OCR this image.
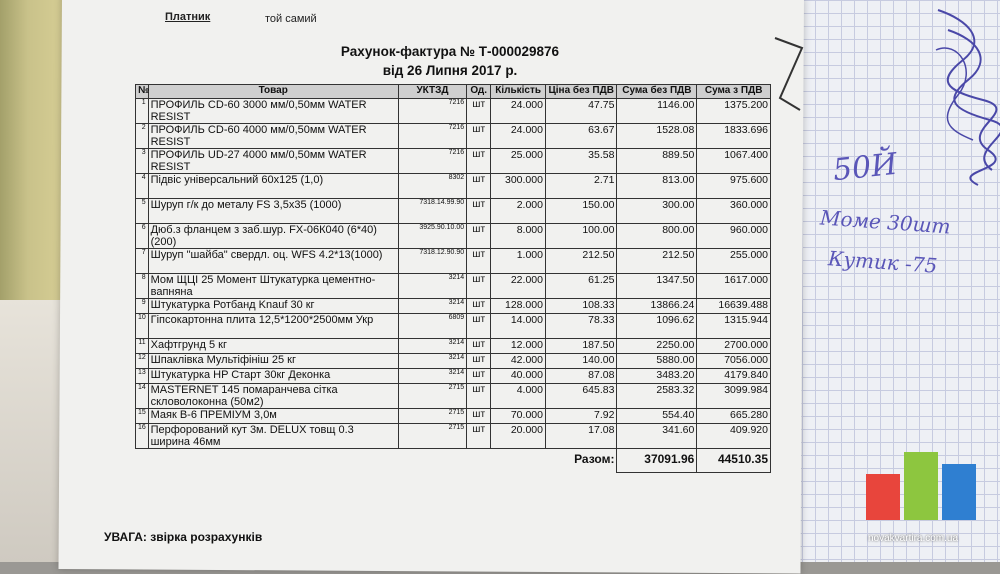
Платник	той самий
Рахунок-фактура № Т-000029876
від 26 Липня 2017 р.
№	Товар	УКТЗД	Од.	Кількість	Ціна без ПДВ	Сума без ПДВ	Сума з ПДВ
1	ПРОФИЛЬ CD-60 3000 мм/0,50мм WATER RESIST	7216	шт	24.000	47.75	1146.00	1375.200
2	ПРОФИЛЬ CD-60 4000 мм/0,50мм WATER RESIST	7216	шт	24.000	63.67	1528.08	1833.696
3	ПРОФИЛЬ UD-27 4000 мм/0,50мм WATER RESIST	7216	шт	25.000	35.58	889.50	1067.400
4	Підвіс універсальний 60х125 (1,0)	8302	шт	300.000	2.71	813.00	975.600
5	Шуруп г/к до металу FS 3,5х35 (1000)	7318.14.99.90	шт	2.000	150.00	300.00	360.000
6	Дюб.з фланцем з заб.шур. FX-06К040 (6*40) (200)	3925.90.10.00	шт	8.000	100.00	800.00	960.000
7	Шуруп "шайба" свердл. оц. WFS 4.2*13(1000)	7318.12.90.90	шт	1.000	212.50	212.50	255.000
8	Мом ЩЦІ 25 Момент Штукатурка цементно-вапняна	3214	шт	22.000	61.25	1347.50	1617.000
9	Штукатурка Ротбанд Knauf 30 кг	3214	шт	128.000	108.33	13866.24	16639.488
10	Гіпсокартонна плита 12,5*1200*2500мм Укр	6809	шт	14.000	78.33	1096.62	1315.944
11	Хафтгрунд 5 кг	3214	шт	12.000	187.50	2250.00	2700.000
12	Шпаклівка Мультіфініш 25 кг	3214	шт	42.000	140.00	5880.00	7056.000
13	Штукатурка HP Старт 30кг Деконка	3214	шт	40.000	87.08	3483.20	4179.840
14	MASTERNET 145 помаранчева сітка скловолоконна (50м2)	2715	шт	4.000	645.83	2583.32	3099.984
15	Маяк В-6 ПРЕМІУМ 3,0м	2715	шт	70.000	7.92	554.40	665.280
16	Перфорований кут 3м. DELUX товщ 0.3 ширина 46мм	2715	шт	20.000	17.08	341.60	409.920
Разом:						37091.96	44510.35
УВАГА: звірка розрахунків
50Й
Моме 30шт
Кутик -75
novakvartira.com.ua
